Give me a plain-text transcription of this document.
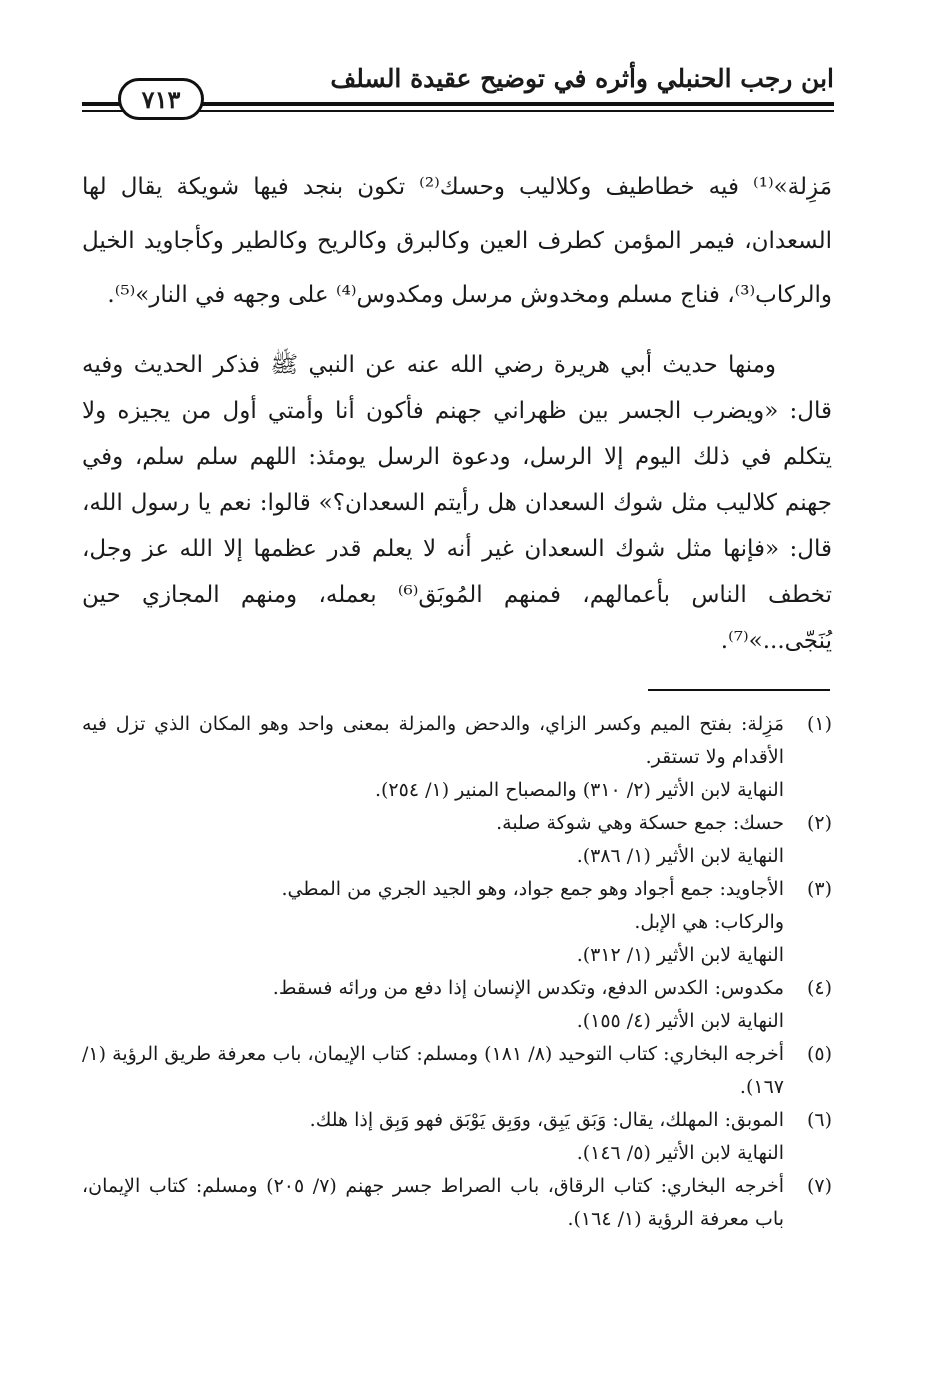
ابن رجب الحنبلي وأثره في توضيح عقيدة السلف
٧١٣

مَزِلة»⁽¹⁾ فيه خطاطيف وكلاليب وحسك⁽²⁾ تكون بنجد فيها شويكة يقال لها السعدان، فيمر المؤمن كطرف العين وكالبرق وكالريح وكالطير وكأجاويد الخيل والركاب⁽³⁾، فناج مسلم ومخدوش مرسل ومكدوس⁽⁴⁾ على وجهه في النار»⁽⁵⁾.

ومنها حديث أبي هريرة رضي الله عنه عن النبي ﷺ فذكر الحديث وفيه قال: «ويضرب الجسر بين ظهراني جهنم فأكون أنا وأمتي أول من يجيزه ولا يتكلم في ذلك اليوم إلا الرسل، ودعوة الرسل يومئذ: اللهم سلم سلم، وفي جهنم كلاليب مثل شوك السعدان هل رأيتم السعدان؟» قالوا: نعم يا رسول الله، قال: «فإنها مثل شوك السعدان غير أنه لا يعلم قدر عظمها إلا الله عز وجل، تخطف الناس بأعمالهم، فمنهم المُوبَق⁽⁶⁾ بعمله، ومنهم المجازي حين يُنَجّى...»⁽⁷⁾.

(١)
مَزِلة: بفتح الميم وكسر الزاي، والدحض والمزلة بمعنى واحد وهو المكان الذي تزل فيه الأقدام ولا تستقر.
النهاية لابن الأثير (٢/ ٣١٠) والمصباح المنير (١/ ٢٥٤).
(٢)
حسك: جمع حسكة وهي شوكة صلبة.
النهاية لابن الأثير (١/ ٣٨٦).
(٣)
الأجاويد: جمع أجواد وهو جمع جواد، وهو الجيد الجري من المطي.
والركاب: هي الإبل.
النهاية لابن الأثير (١/ ٣١٢).
(٤)
مكدوس: الكدس الدفع، وتكدس الإنسان إذا دفع من ورائه فسقط.
النهاية لابن الأثير (٤/ ١٥٥).
(٥)
أخرجه البخاري: كتاب التوحيد (٨/ ١٨١) ومسلم: كتاب الإيمان، باب معرفة طريق الرؤية (١/ ١٦٧).
(٦)
الموبق: المهلك، يقال: وَبَق يَبِق، ووَبِق يَوْبَق فهو وَبِق إذا هلك.
النهاية لابن الأثير (٥/ ١٤٦).
(٧)
أخرجه البخاري: كتاب الرقاق، باب الصراط جسر جهنم (٧/ ٢٠٥) ومسلم: كتاب الإيمان، باب معرفة الرؤية (١/ ١٦٤).
